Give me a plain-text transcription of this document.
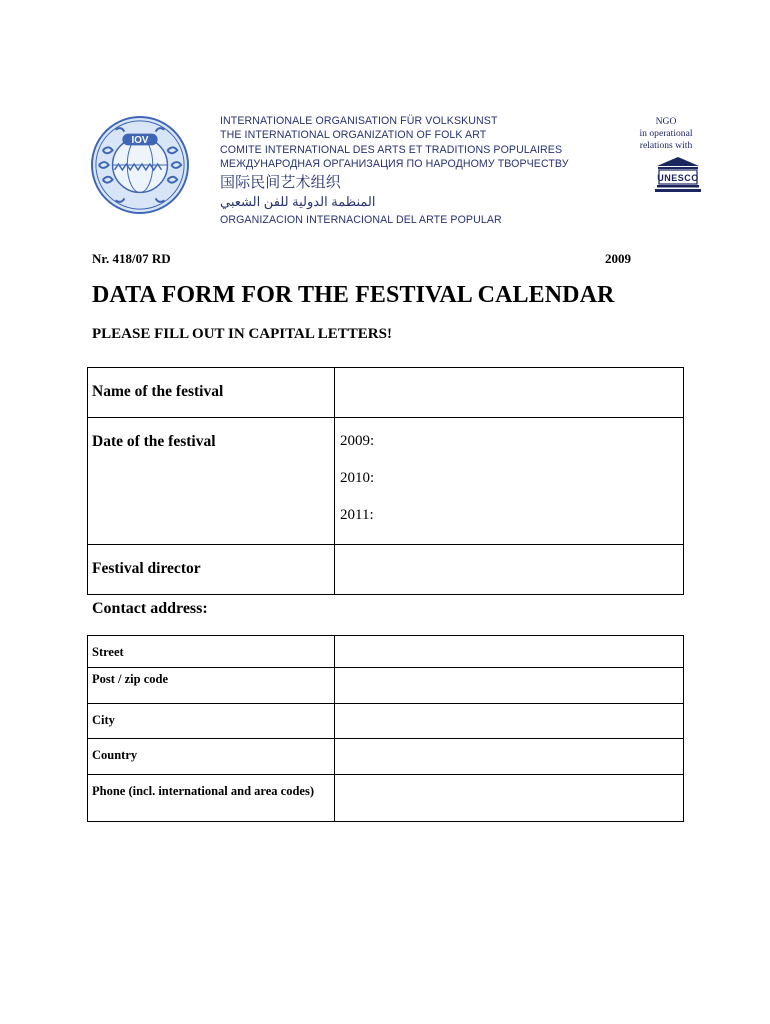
IOV
INTERNATIONALE ORGANISATION FÜR VOLKSKUNST
THE INTERNATIONAL ORGANIZATION OF FOLK ART
COMITE INTERNATIONAL DES ARTS ET TRADITIONS POPULAIRES
МЕЖДУНАРОДНАЯ ОРГАНИЗАЦИЯ ПО НАРОДНОМУ ТВОРЧЕСТВУ
国际民间艺术组织
المنظمة الدولية للفن الشعبي
ORGANIZACION INTERNACIONAL DEL ARTE POPULAR
NGO
in operational
relations with
UNESCO
Nr. 418/07 RD	2009
DATA FORM FOR THE FESTIVAL CALENDAR
PLEASE FILL OUT IN CAPITAL LETTERS!
Name of the festival	
Date of the festival	2009:
2010:
2011:

Festival director	
Contact address:
Street	
Post / zip code	
City	
Country	
Phone (incl. international and area codes)	
